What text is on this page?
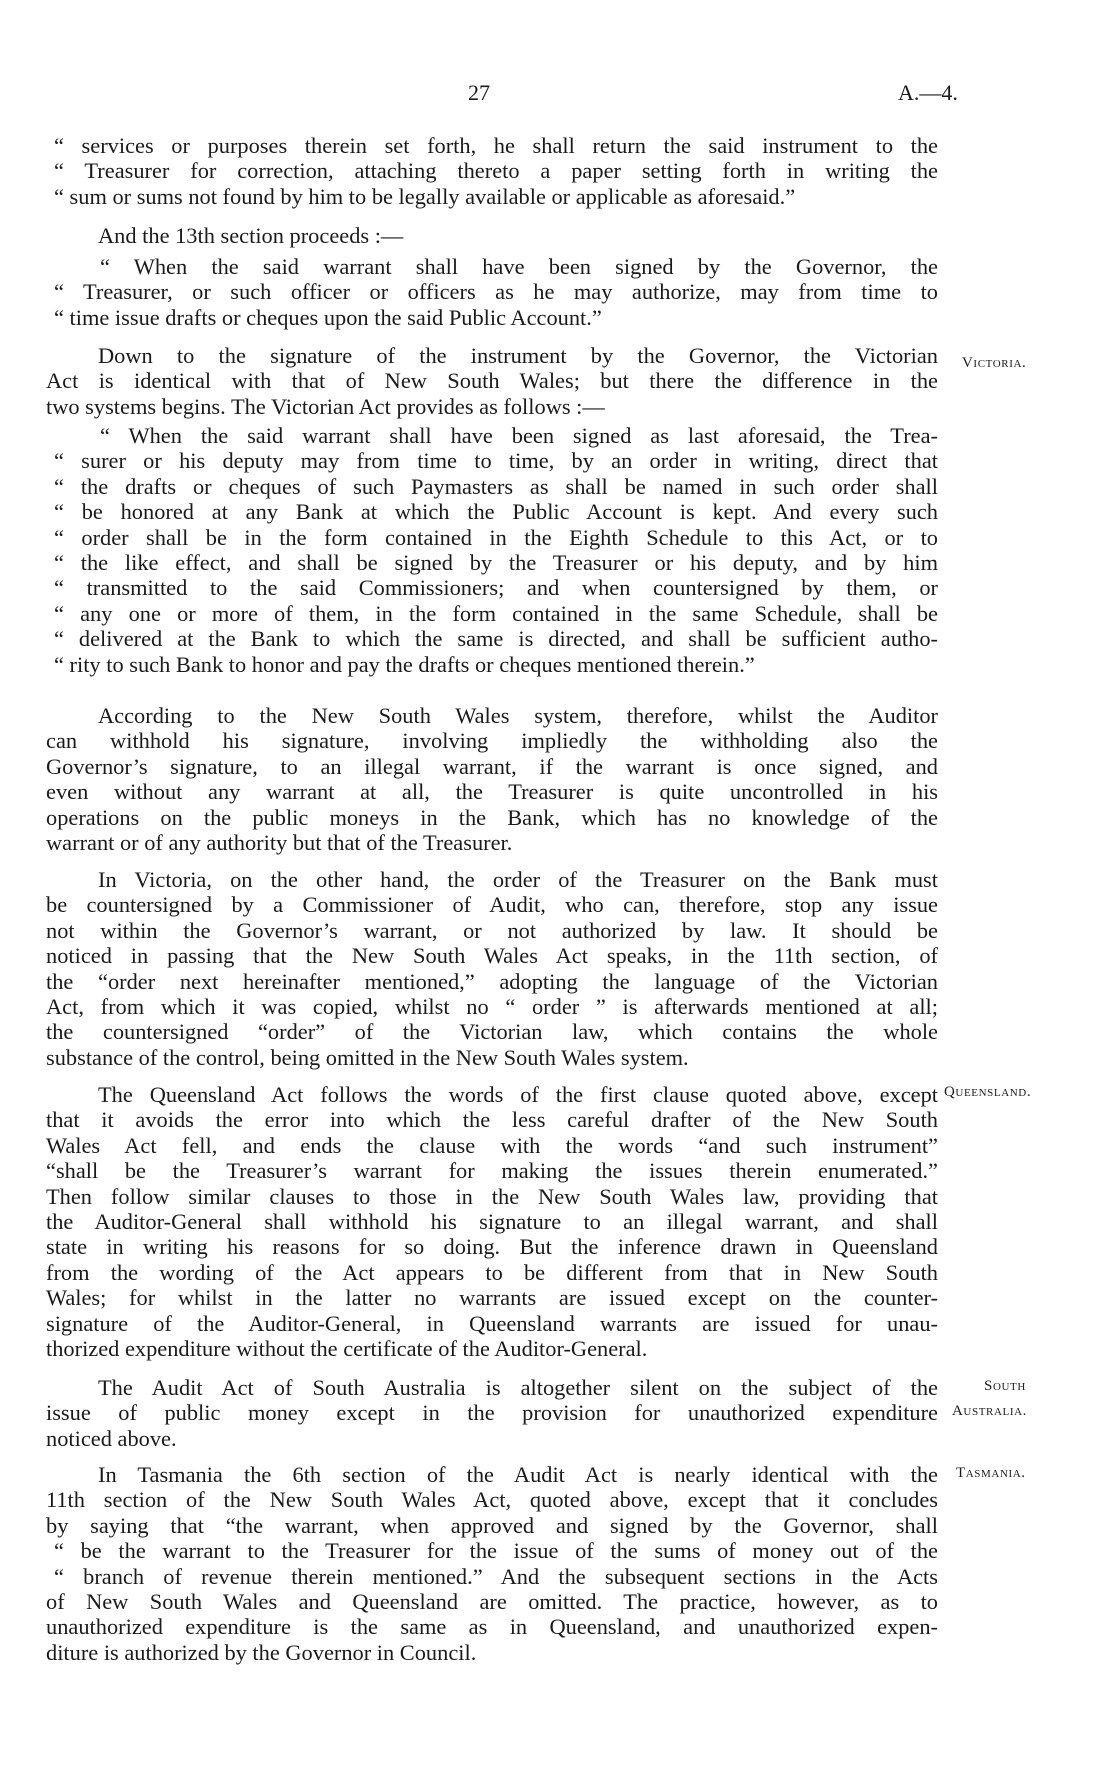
27	A.—4.
Victoria.
Queensland.
South
Australia.
Tasmania.
“ services or purposes therein set forth, he shall return the said instrument to the
“ Treasurer for correction, attaching thereto a paper setting forth in writing the
“ sum or sums not found by him to be legally available or applicable as aforesaid.”
And the 13th section proceeds :—
“ When the said warrant shall have been signed by the Governor, the
“ Treasurer, or such officer or officers as he may authorize, may from time to
“ time issue drafts or cheques upon the said Public Account.”
Down to the signature of the instrument by the Governor, the Victorian
Act is identical with that of New South Wales; but there the difference in the
two systems begins. The Victorian Act provides as follows :—
“ When the said warrant shall have been signed as last aforesaid, the Trea-
“ surer or his deputy may from time to time, by an order in writing, direct that
“ the drafts or cheques of such Paymasters as shall be named in such order shall
“ be honored at any Bank at which the Public Account is kept. And every such
“ order shall be in the form contained in the Eighth Schedule to this Act, or to
“ the like effect, and shall be signed by the Treasurer or his deputy, and by him
“ transmitted to the said Commissioners; and when countersigned by them, or
“ any one or more of them, in the form contained in the same Schedule, shall be
“ delivered at the Bank to which the same is directed, and shall be sufficient autho-
“ rity to such Bank to honor and pay the drafts or cheques mentioned therein.”
According to the New South Wales system, therefore, whilst the Auditor
can withhold his signature, involving impliedly the withholding also the
Governor’s signature, to an illegal warrant, if the warrant is once signed, and
even without any warrant at all, the Treasurer is quite uncontrolled in his
operations on the public moneys in the Bank, which has no knowledge of the
warrant or of any authority but that of the Treasurer.
In Victoria, on the other hand, the order of the Treasurer on the Bank must
be countersigned by a Commissioner of Audit, who can, therefore, stop any issue
not within the Governor’s warrant, or not authorized by law. It should be
noticed in passing that the New South Wales Act speaks, in the 11th section, of
the “order next hereinafter mentioned,” adopting the language of the Victorian
Act, from which it was copied, whilst no “ order ” is afterwards mentioned at all;
the countersigned “order” of the Victorian law, which contains the whole
substance of the control, being omitted in the New South Wales system.
The Queensland Act follows the words of the first clause quoted above, except
that it avoids the error into which the less careful drafter of the New South
Wales Act fell, and ends the clause with the words “and such instrument”
“shall be the Treasurer’s warrant for making the issues therein enumerated.”
Then follow similar clauses to those in the New South Wales law, providing that
the Auditor-General shall withhold his signature to an illegal warrant, and shall
state in writing his reasons for so doing. But the inference drawn in Queensland
from the wording of the Act appears to be different from that in New South
Wales; for whilst in the latter no warrants are issued except on the counter-
signature of the Auditor-General, in Queensland warrants are issued for unau-
thorized expenditure without the certificate of the Auditor-General.
The Audit Act of South Australia is altogether silent on the subject of the
issue of public money except in the provision for unauthorized expenditure
noticed above.
In Tasmania the 6th section of the Audit Act is nearly identical with the
11th section of the New South Wales Act, quoted above, except that it concludes
by saying that “the warrant, when approved and signed by the Governor, shall
“ be the warrant to the Treasurer for the issue of the sums of money out of the
“ branch of revenue therein mentioned.” And the subsequent sections in the Acts
of New South Wales and Queensland are omitted. The practice, however, as to
unauthorized expenditure is the same as in Queensland, and unauthorized expen-
diture is authorized by the Governor in Council.
